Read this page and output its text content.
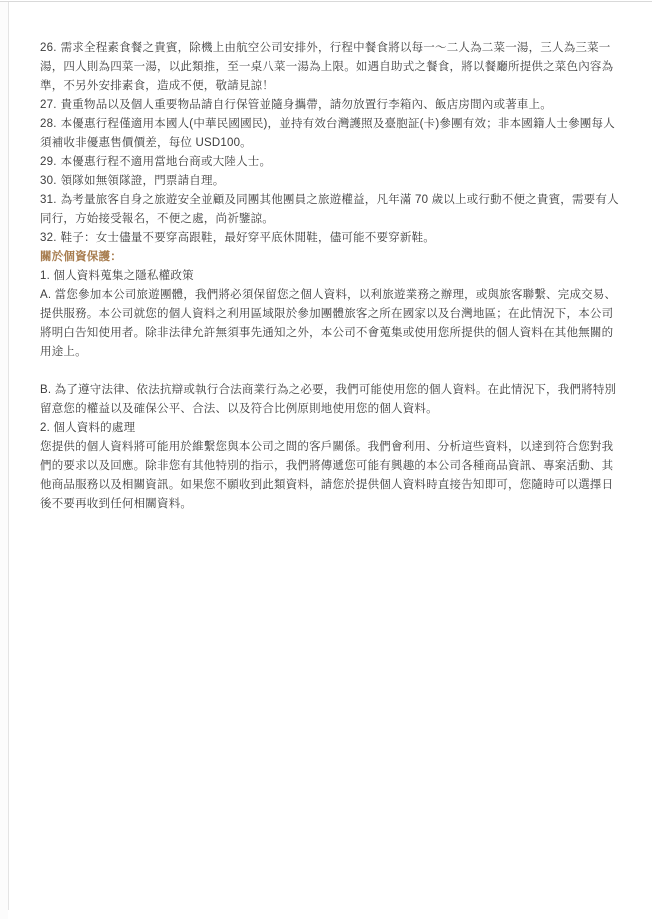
26. 需求全程素食餐之貴賓，除機上由航空公司安排外，行程中餐食將以每一～二人為二菜一湯，三人為三菜一湯，四人則為四菜一湯，以此類推，至一桌八菜一湯為上限。如遇自助式之餐食，將以餐廳所提供之菜色內容為準，不另外安排素食，造成不便，敬請見諒！

27. 貴重物品以及個人重要物品請自行保管並隨身攜帶，請勿放置行李箱內、飯店房間內或著車上。

28. 本優惠行程僅適用本國人(中華民國國民)，並持有效台灣護照及臺胞証(卡)參團有效；非本國籍人士參團每人須補收非優惠售價價差，每位 USD100。

29. 本優惠行程不適用當地台商或大陸人士。

30. 領隊如無領隊證，門票請自理。

31. 為考量旅客自身之旅遊安全並顧及同團其他團員之旅遊權益，凡年滿 70 歲以上或行動不便之貴賓，需要有人同行，方始接受報名，不便之處，尚祈鑒諒。

32. 鞋子：女士儘量不要穿高跟鞋，最好穿平底休閒鞋，儘可能不要穿新鞋。

關於個資保護：

1. 個人資料蒐集之隱私權政策

A. 當您參加本公司旅遊團體，我們將必須保留您之個人資料，以利旅遊業務之辦理，或與旅客聯繫、完成交易、提供服務。本公司就您的個人資料之利用區域限於參加團體旅客之所在國家以及台灣地區；在此情況下，本公司將明白告知使用者。除非法律允許無須事先通知之外，本公司不會蒐集或使用您所提供的個人資料在其他無關的用途上。

B. 為了遵守法律、依法抗辯或執行合法商業行為之必要，我們可能使用您的個人資料。在此情況下，我們將特別留意您的權益以及確保公平、合法、以及符合比例原則地使用您的個人資料。

2. 個人資料的處理

您提供的個人資料將可能用於維繫您與本公司之間的客戶關係。我們會利用、分析這些資料，以達到符合您對我們的要求以及回應。除非您有其他特別的指示，我們將傳遞您可能有興趣的本公司各種商品資訊、專案活動、其他商品服務以及相關資訊。如果您不願收到此類資料，請您於提供個人資料時直接告知即可，您隨時可以選擇日後不要再收到任何相關資料。
